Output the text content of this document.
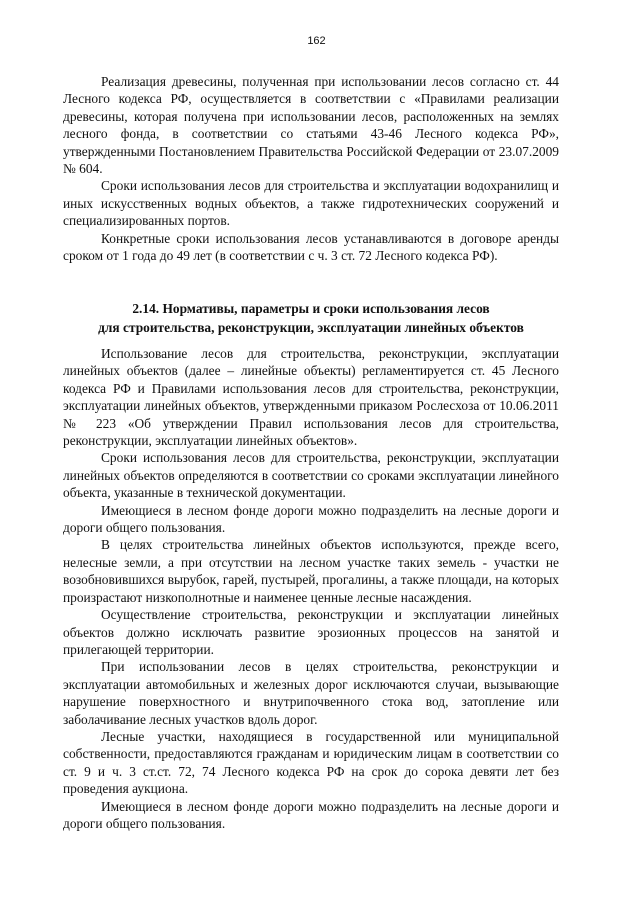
162

Реализация древесины, полученная при использовании лесов согласно ст. 44 Лесного кодекса РФ, осуществляется в соответствии с «Правилами реализации древесины, которая получена при использовании лесов, расположенных на землях лесного фонда, в соответствии со статьями 43-46 Лесного кодекса РФ», утвержденными Постановлением Правительства Российской Федерации от 23.07.2009 № 604.

Сроки использования лесов для строительства и эксплуатации водохранилищ и иных искусственных водных объектов, а также гидротехнических сооружений и специализированных портов.

Конкретные сроки использования лесов устанавливаются в договоре аренды сроком от 1 года до 49 лет (в соответствии с ч. 3 ст. 72 Лесного кодекса РФ).

2.14. Нормативы, параметры и сроки использования лесов
для строительства, реконструкции, эксплуатации линейных объектов

Использование лесов для строительства, реконструкции, эксплуатации линейных объектов (далее – линейные объекты) регламентируется ст. 45 Лесного кодекса РФ и Правилами использования лесов для строительства, реконструкции, эксплуатации линейных объектов, утвержденными приказом Рослесхоза от 10.06.2011 № 223 «Об утверждении Правил использования лесов для строительства, реконструкции, эксплуатации линейных объектов».

Сроки использования лесов для строительства, реконструкции, эксплуатации линейных объектов определяются в соответствии со сроками эксплуатации линейного объекта, указанные в технической документации.

Имеющиеся в лесном фонде дороги можно подразделить на лесные дороги и дороги общего пользования.

В целях строительства линейных объектов используются, прежде всего, нелесные земли, а при отсутствии на лесном участке таких земель - участки не возобновившихся вырубок, гарей, пустырей, прогалины, а также площади, на которых произрастают низкополнотные и наименее ценные лесные насаждения.

Осуществление строительства, реконструкции и эксплуатации линейных объектов должно исключать развитие эрозионных процессов на занятой и прилегающей территории.

При использовании лесов в целях строительства, реконструкции и эксплуатации автомобильных и железных дорог исключаются случаи, вызывающие нарушение поверхностного и внутрипочвенного стока вод, затопление или заболачивание лесных участков вдоль дорог.

Лесные участки, находящиеся в государственной или муниципальной собственности, предоставляются гражданам и юридическим лицам в соответствии со ст. 9 и ч. 3 ст.ст. 72, 74 Лесного кодекса РФ на срок до сорока девяти лет без проведения аукциона.

Имеющиеся в лесном фонде дороги можно подразделить на лесные дороги и дороги общего пользования.
